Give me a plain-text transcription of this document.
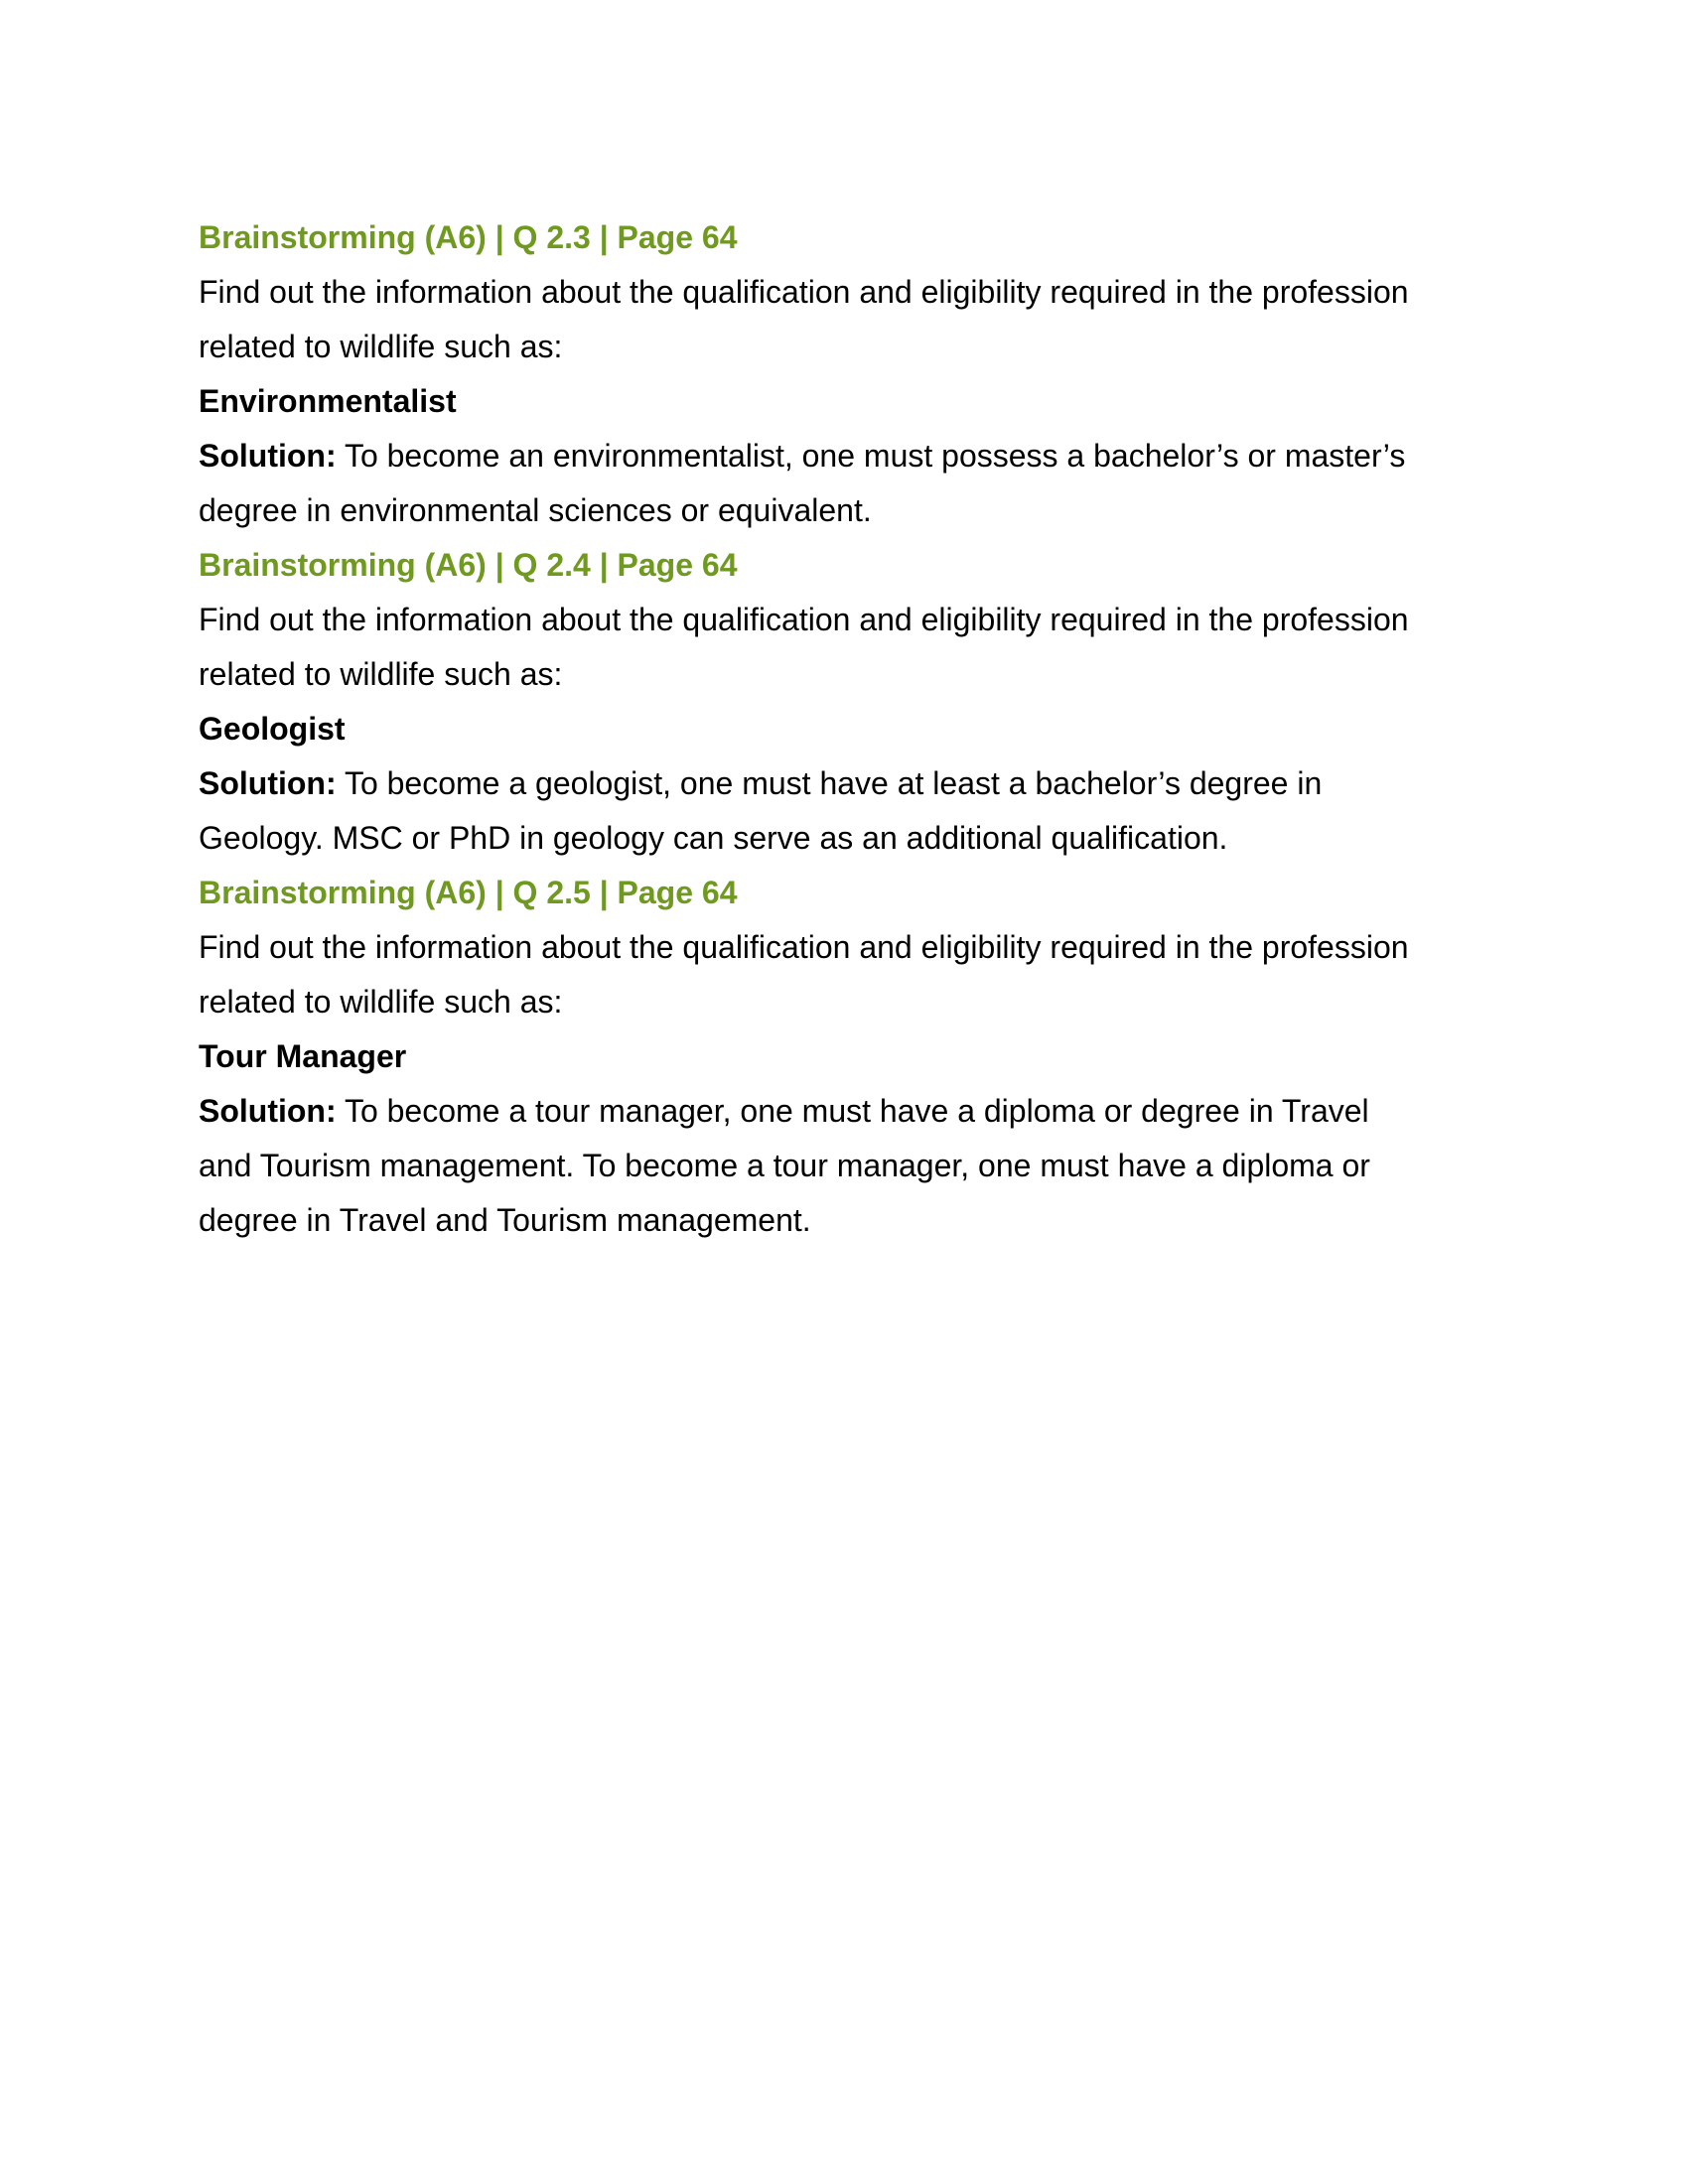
Brainstorming (A6) | Q 2.3 | Page 64
Find out the information about the qualification and eligibility required in the profession
related to wildlife such as:
Environmentalist
Solution: To become an environmentalist, one must possess a bachelor’s or master’s
degree in environmental sciences or equivalent.
Brainstorming (A6) | Q 2.4 | Page 64
Find out the information about the qualification and eligibility required in the profession
related to wildlife such as:
Geologist
Solution: To become a geologist, one must have at least a bachelor’s degree in
Geology. MSC or PhD in geology can serve as an additional qualification.
Brainstorming (A6) | Q 2.5 | Page 64
Find out the information about the qualification and eligibility required in the profession
related to wildlife such as:
Tour Manager
Solution: To become a tour manager, one must have a diploma or degree in Travel
and Tourism management. To become a tour manager, one must have a diploma or
degree in Travel and Tourism management.
